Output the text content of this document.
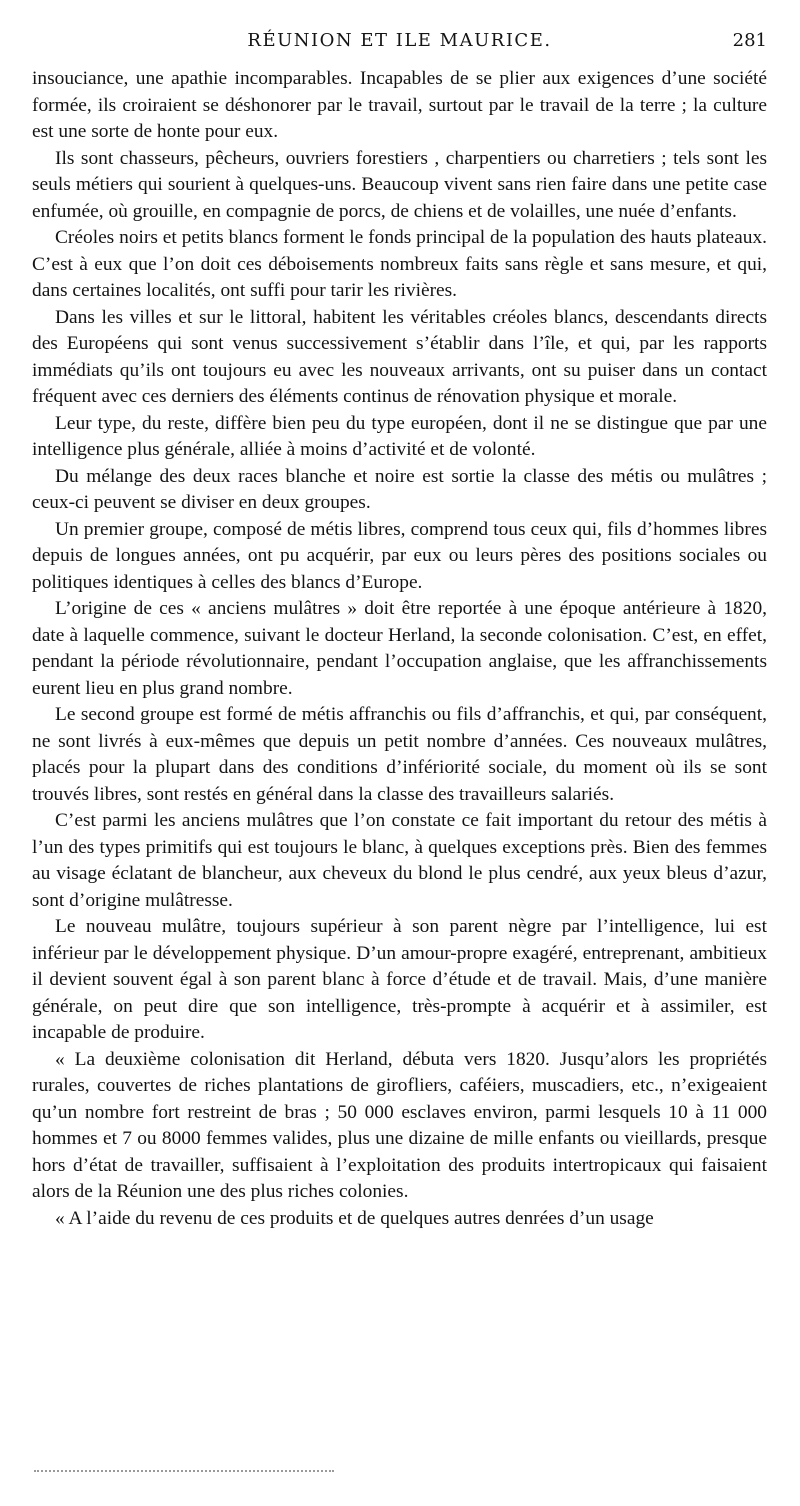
RÉUNION ET ILE MAURICE.	281

insouciance, une apathie incomparables. Incapables de se plier aux exigences d’une société formée, ils croiraient se déshonorer par le travail, surtout par le travail de la terre ; la culture est une sorte de honte pour eux.

Ils sont chasseurs, pêcheurs, ouvriers forestiers , charpentiers ou charretiers ; tels sont les seuls métiers qui sourient à quelques-uns. Beaucoup vivent sans rien faire dans une petite case enfumée, où grouille, en compagnie de porcs, de chiens et de volailles, une nuée d’enfants.

Créoles noirs et petits blancs forment le fonds principal de la population des hauts plateaux. C’est à eux que l’on doit ces déboisements nombreux faits sans règle et sans mesure, et qui, dans certaines localités, ont suffi pour tarir les rivières.

Dans les villes et sur le littoral, habitent les véritables créoles blancs, descendants directs des Européens qui sont venus successivement s’établir dans l’île, et qui, par les rapports immédiats qu’ils ont toujours eu avec les nouveaux arrivants, ont su puiser dans un contact fréquent avec ces derniers des éléments continus de rénovation physique et morale.

Leur type, du reste, diffère bien peu du type européen, dont il ne se distingue que par une intelligence plus générale, alliée à moins d’activité et de volonté.

Du mélange des deux races blanche et noire est sortie la classe des métis ou mulâtres ; ceux-ci peuvent se diviser en deux groupes.

Un premier groupe, composé de métis libres, comprend tous ceux qui, fils d’hommes libres depuis de longues années, ont pu acquérir, par eux ou leurs pères des positions sociales ou politiques identiques à celles des blancs d’Europe.

L’origine de ces « anciens mulâtres » doit être reportée à une époque antérieure à 1820, date à laquelle commence, suivant le docteur Herland, la seconde colonisation. C’est, en effet, pendant la période révolutionnaire, pendant l’occupation anglaise, que les affranchissements eurent lieu en plus grand nombre.

Le second groupe est formé de métis affranchis ou fils d’affranchis, et qui, par conséquent, ne sont livrés à eux-mêmes que depuis un petit nombre d’années. Ces nouveaux mulâtres, placés pour la plupart dans des conditions d’infériorité sociale, du moment où ils se sont trouvés libres, sont restés en général dans la classe des travailleurs salariés.

C’est parmi les anciens mulâtres que l’on constate ce fait important du retour des métis à l’un des types primitifs qui est toujours le blanc, à quelques exceptions près. Bien des femmes au visage éclatant de blancheur, aux cheveux du blond le plus cendré, aux yeux bleus d’azur, sont d’origine mulâtresse.

Le nouveau mulâtre, toujours supérieur à son parent nègre par l’intelligence, lui est inférieur par le développement physique. D’un amour-propre exagéré, entreprenant, ambitieux il devient souvent égal à son parent blanc à force d’étude et de travail. Mais, d’une manière générale, on peut dire que son intelligence, très-prompte à acquérir et à assimiler, est incapable de produire.

« La deuxième colonisation dit Herland, débuta vers 1820. Jusqu’alors les propriétés rurales, couvertes de riches plantations de girofliers, caféiers, muscadiers, etc., n’exigeaient qu’un nombre fort restreint de bras ; 50 000 esclaves environ, parmi lesquels 10 à 11 000 hommes et 7 ou 8000 femmes valides, plus une dizaine de mille enfants ou vieillards, presque hors d’état de travailler, suffisaient à l’exploitation des produits intertropicaux qui faisaient alors de la Réunion une des plus riches colonies.

« A l’aide du revenu de ces produits et de quelques autres denrées d’un usage
